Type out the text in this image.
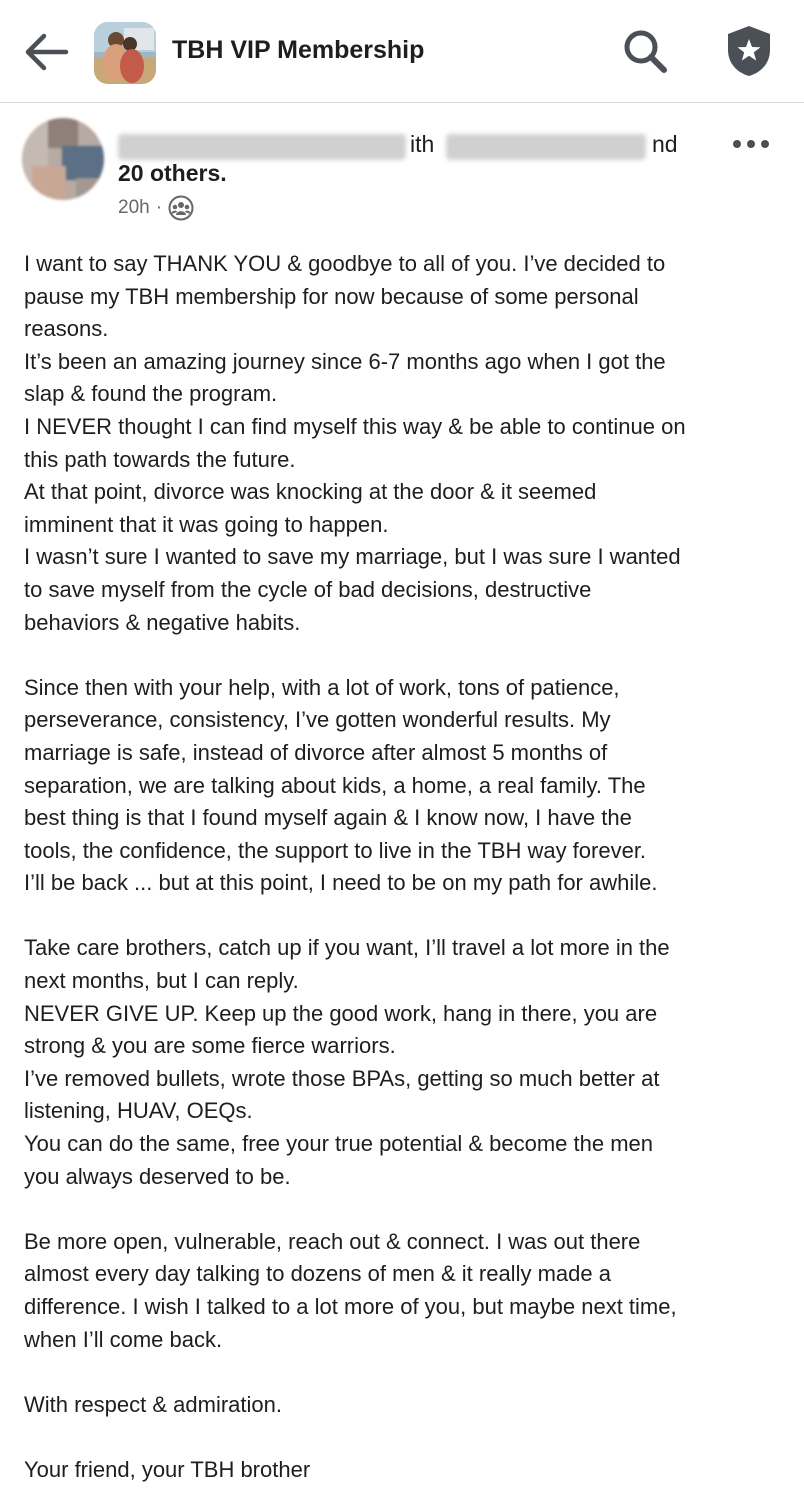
TBH VIP Membership
ith	nd
20 others.
20h ·

I want to say THANK YOU & goodbye to all of you. I’ve decided to
pause my TBH membership for now because of some personal
reasons.
It’s been an amazing journey since 6-7 months ago when I got the
slap & found the program.
I NEVER thought I can find myself this way & be able to continue on
this path towards the future.
At that point, divorce was knocking at the door & it seemed
imminent that it was going to happen.
I wasn’t sure I wanted to save my marriage, but I was sure I wanted
to save myself from the cycle of bad decisions, destructive
behaviors & negative habits.

Since then with your help, with a lot of work, tons of patience,
perseverance, consistency, I’ve gotten wonderful results. My
marriage is safe, instead of divorce after almost 5 months of
separation, we are talking about kids, a home, a real family. The
best thing is that I found myself again & I know now, I have the
tools, the confidence, the support to live in the TBH way forever.
I’ll be back ... but at this point, I need to be on my path for awhile.

Take care brothers, catch up if you want, I’ll travel a lot more in the
next months, but I can reply.
NEVER GIVE UP. Keep up the good work, hang in there, you are
strong & you are some fierce warriors.
I’ve removed bullets, wrote those BPAs, getting so much better at
listening, HUAV, OEQs.
You can do the same, free your true potential & become the men
you always deserved to be.

Be more open, vulnerable, reach out & connect. I was out there
almost every day talking to dozens of men & it really made a
difference. I wish I talked to a lot more of you, but maybe next time,
when I’ll come back.

With respect & admiration.

Your friend, your TBH brother
